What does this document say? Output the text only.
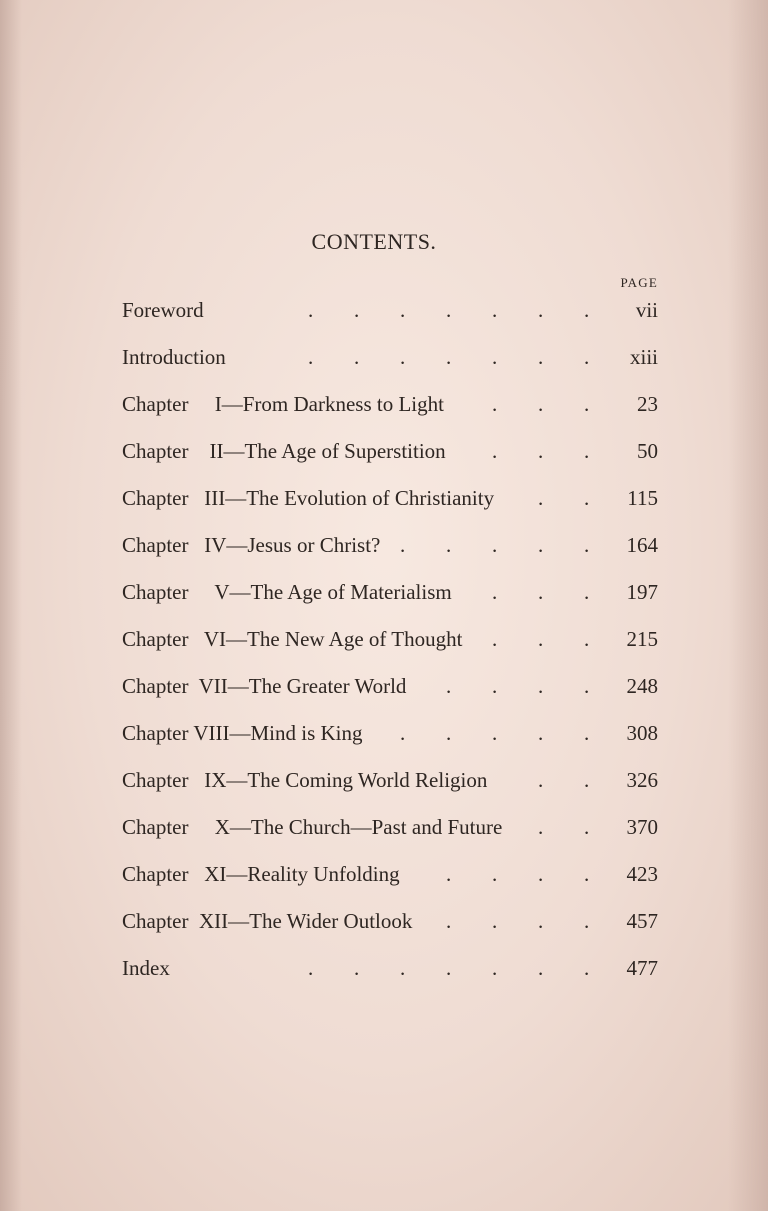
CONTENTS.
PAGE
Foreword	vii
. . . . . . .
Introduction	xiii
. . . . . . .
Chapter     I—From Darkness to Light	23
. . .
Chapter    II—The Age of Superstition	50
. . .
Chapter   III—The Evolution of Christianity	115
. .
Chapter   IV—Jesus or Christ?	164
. . . . .
Chapter     V—The Age of Materialism	197
. . .
Chapter   VI—The New Age of Thought	215
. . .
Chapter  VII—The Greater World	248
. . . .
Chapter VIII—Mind is King	308
. . . . .
Chapter   IX—The Coming World Religion	326
. .
Chapter     X—The Church—Past and Future	370
. .
Chapter   XI—Reality Unfolding	423
. . . .
Chapter  XII—The Wider Outlook	457
. . . .
Index	477
. . . . . . .
